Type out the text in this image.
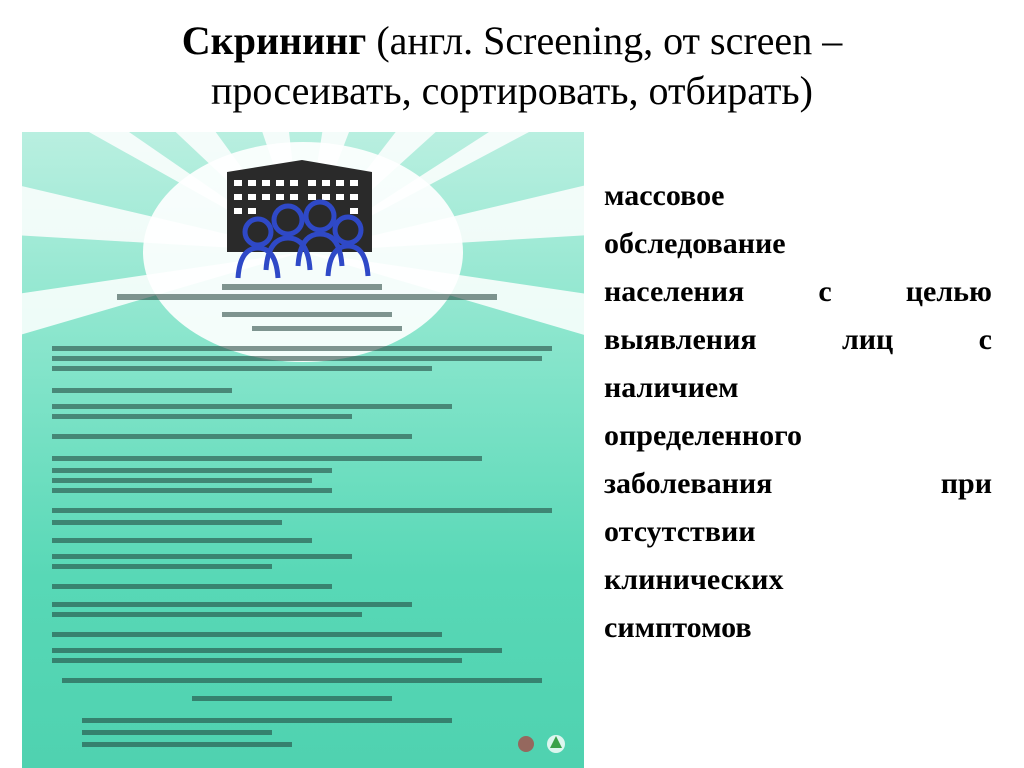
Скрининг (англ. Screening, от screen –
просеивать, сортировать, отбирать)
массовое
обследование
населения с целью
выявления	лиц	с
наличием
определенного
заболевания	при
отсутствии
клинических
симптомов
